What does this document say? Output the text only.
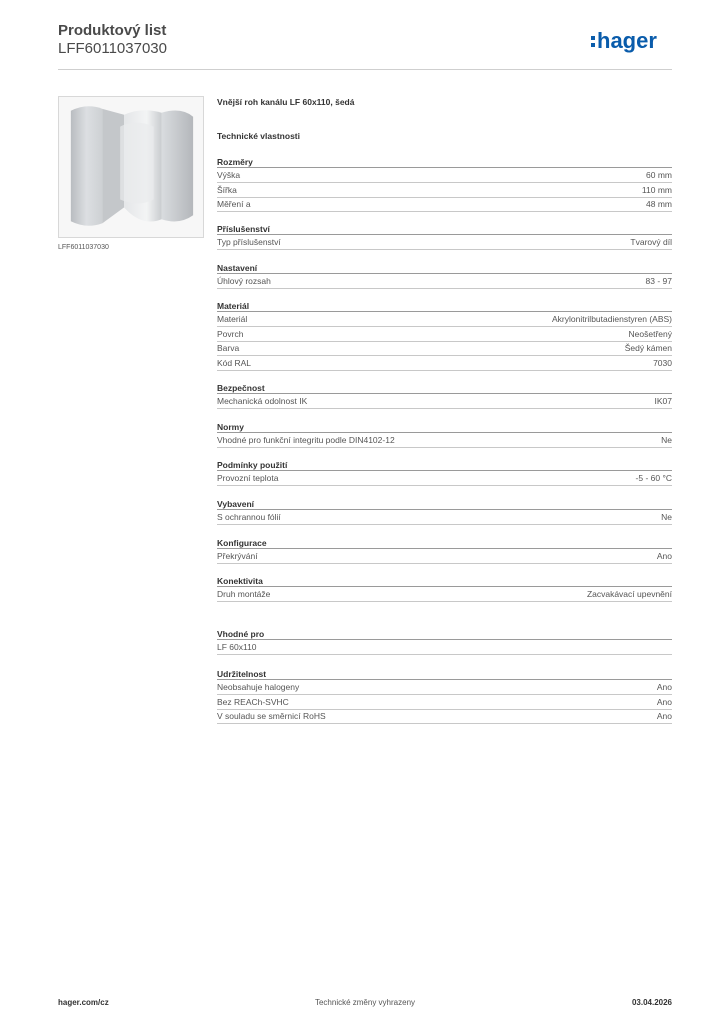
Produktový list
LFF6011037030	hager
LFF6011037030
Vnější roh kanálu LF 60x110, šedá
Technické vlastnosti
Rozměry
Výška	60 mm
Šířka	110 mm
Měření a	48 mm
Příslušenství
Typ příslušenství	Tvarový díl
Nastavení
Úhlový rozsah	83 - 97
Materiál
Materiál	Akrylonitrilbutadienstyren (ABS)
Povrch	Neošetřený
Barva	Šedý kámen
Kód RAL	7030
Bezpečnost
Mechanická odolnost IK	IK07
Normy
Vhodné pro funkční integritu podle DIN4102-12	Ne
Podmínky použití
Provozní teplota	-5 - 60 °C
Vybavení
S ochrannou fólií	Ne
Konfigurace
Překrývání	Ano
Konektivita
Druh montáže	Zacvakávací upevnění
Vhodné pro
LF 60x110
Udržitelnost
Neobsahuje halogeny	Ano
Bez REACh-SVHC	Ano
V souladu se směrnicí RoHS	Ano
hager.com/cz	Technické změny vyhrazeny	03.04.2026
